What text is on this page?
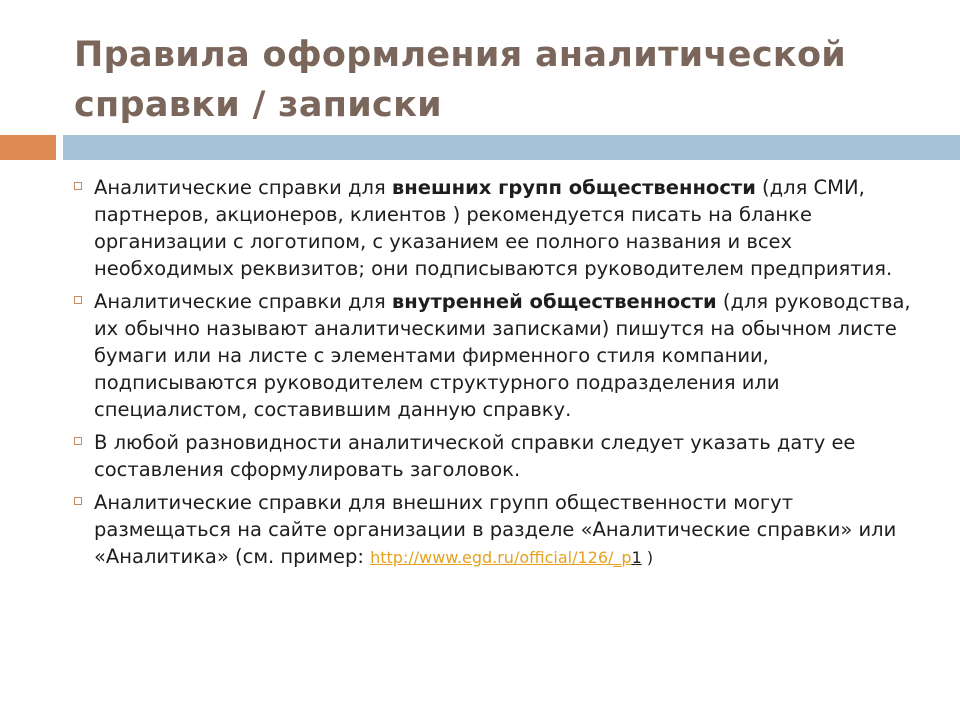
Правила оформления аналитической справки / записки
Аналитические справки для внешних групп общественности (для СМИ, партнеров, акционеров, клиентов ) рекомендуется писать на бланке организации с логотипом, с указанием ее полного названия и всех необходимых реквизитов; они подписываются руководителем предприятия.
Аналитические справки для внутренней общественности (для руководства, их обычно называют аналитическими записками) пишутся на обычном листе бумаги или на листе с элементами фирменного стиля компании, подписываются руководителем структурного подразделения или специалистом, составившим данную справку.
В любой разновидности аналитической справки следует указать дату ее составления сформулировать заголовок.
Аналитические справки для внешних групп общественности могут размещаться на сайте организации в разделе «Аналитические справки» или «Аналитика» (см. пример: http://www.egd.ru/official/126/_p1 )
